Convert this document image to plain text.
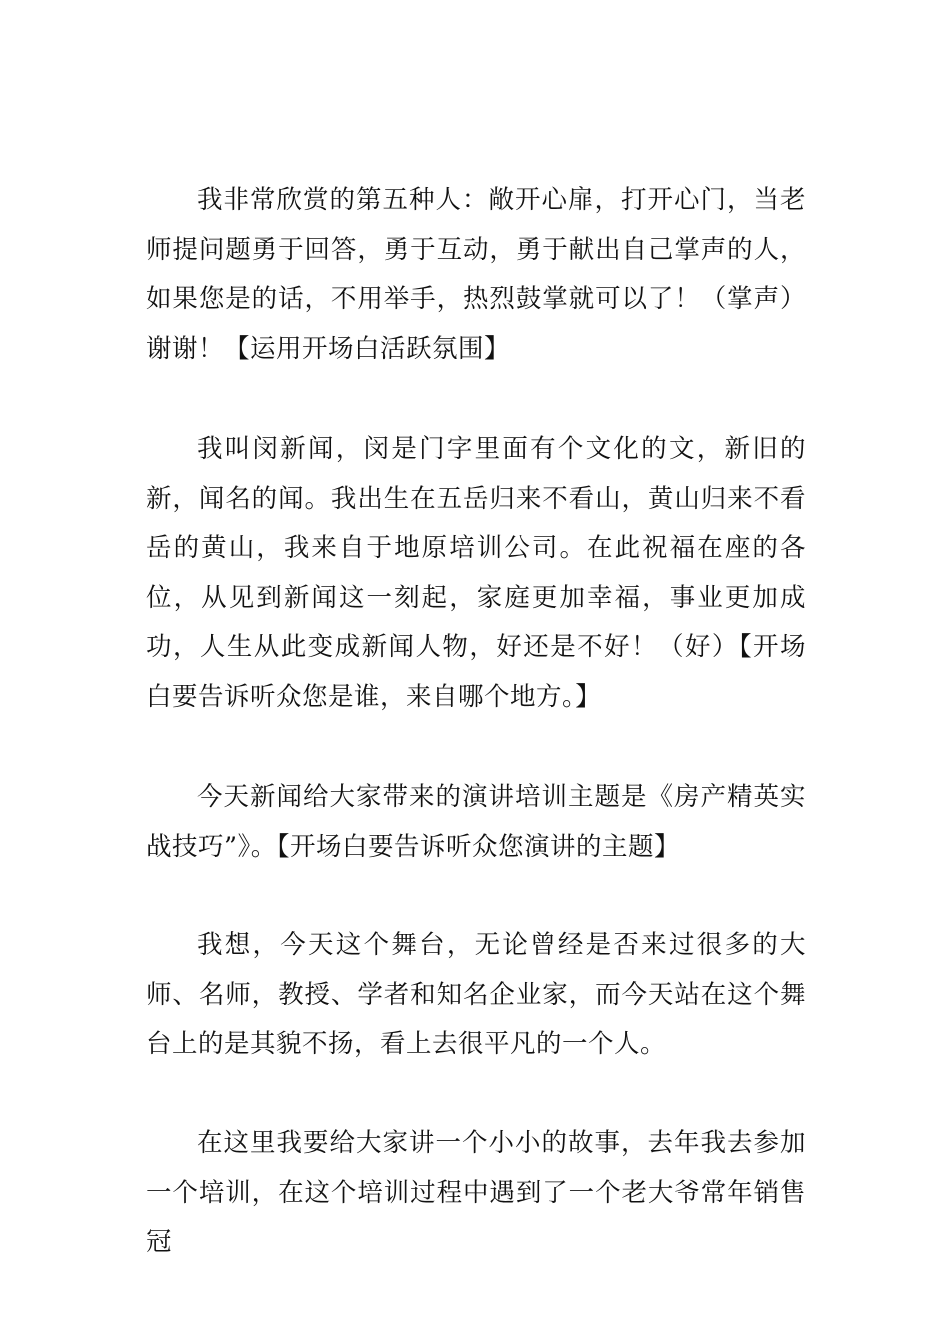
我非常欣赏的第五种人：敞开心扉，打开心门，当老师提问题勇于回答，勇于互动，勇于献出自己掌声的人，如果您是的话，不用举手，热烈鼓掌就可以了！（掌声）谢谢！【运用开场白活跃氛围】

我叫闵新闻，闵是门字里面有个文化的文，新旧的新，闻名的闻。我出生在五岳归来不看山，黄山归来不看岳的黄山，我来自于地原培训公司。在此祝福在座的各位，从见到新闻这一刻起，家庭更加幸福，事业更加成功，人生从此变成新闻人物，好还是不好！（好）【开场白要告诉听众您是谁，来自哪个地方。】

今天新闻给大家带来的演讲培训主题是《房产精英实战技巧”》。【开场白要告诉听众您演讲的主题】

我想，今天这个舞台，无论曾经是否来过很多的大师、名师，教授、学者和知名企业家，而今天站在这个舞台上的是其貌不扬，看上去很平凡的一个人。

在这里我要给大家讲一个小小的故事，去年我去参加一个培训，在这个培训过程中遇到了一个老大爷常年销售冠
